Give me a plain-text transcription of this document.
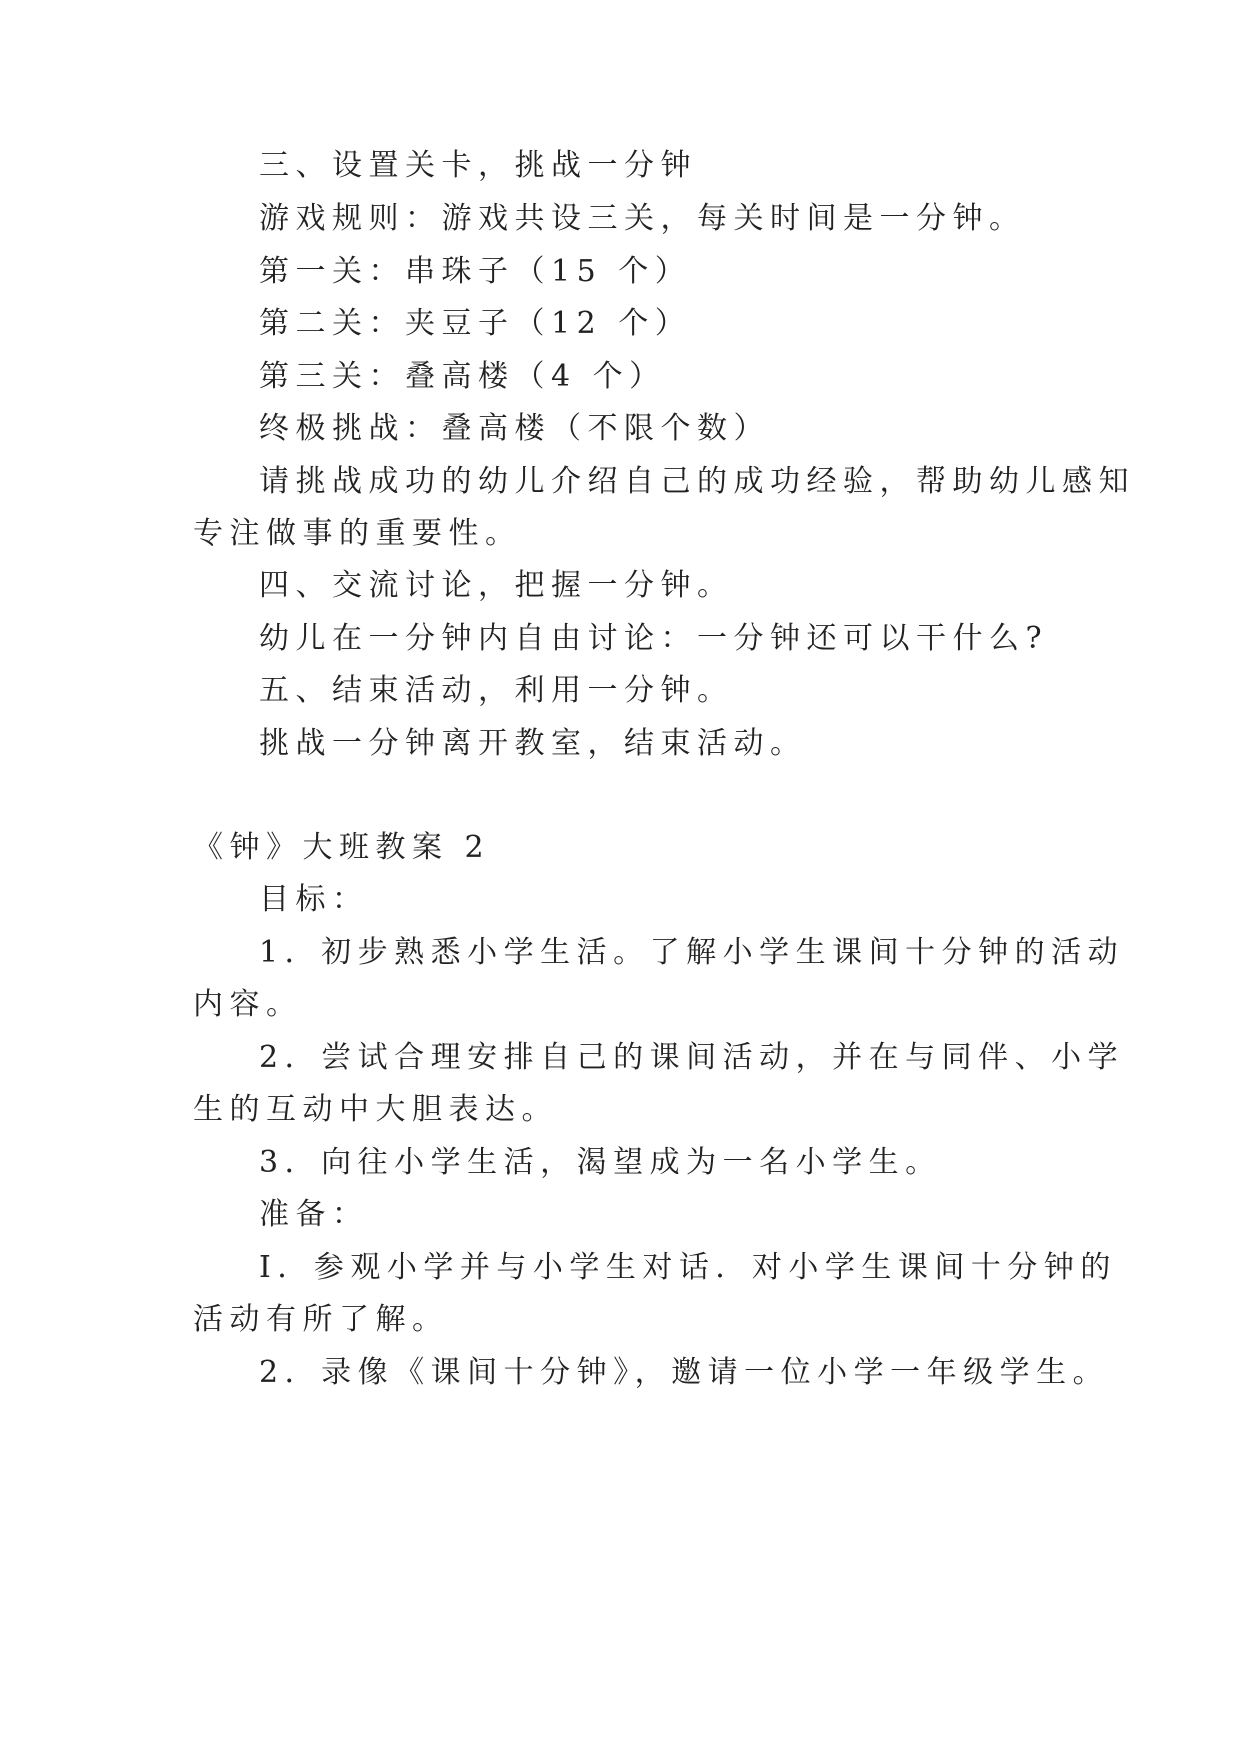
三、设置关卡，挑战一分钟
游戏规则：游戏共设三关，每关时间是一分钟。
第一关：串珠子（15 个）
第二关：夹豆子（12 个）
第三关：叠高楼（4 个）
终极挑战：叠高楼（不限个数）
请挑战成功的幼儿介绍自己的成功经验，帮助幼儿感知
专注做事的重要性。
四、交流讨论，把握一分钟。
幼儿在一分钟内自由讨论：一分钟还可以干什么?
五、结束活动，利用一分钟。
挑战一分钟离开教室，结束活动。
《钟》大班教案 2
目标：
1．初步熟悉小学生活。了解小学生课间十分钟的活动
内容。
2．尝试合理安排自己的课间活动，并在与同伴、小学
生的互动中大胆表达。
3．向往小学生活，渴望成为一名小学生。
准备：
I．参观小学并与小学生对话．对小学生课间十分钟的
活动有所了解。
2．录像《课间十分钟》，邀请一位小学一年级学生。
